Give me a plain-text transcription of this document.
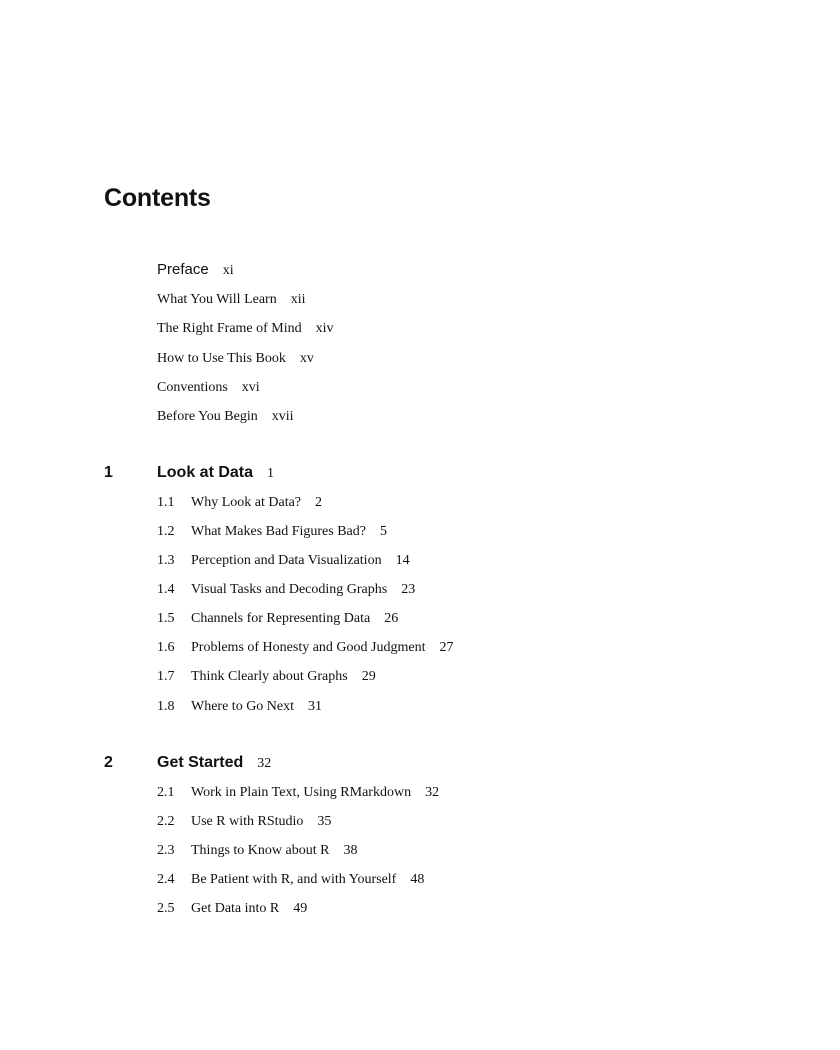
Contents
Preface xi
What You Will Learn xii
The Right Frame of Mind xiv
How to Use This Book xv
Conventions xvi
Before You Begin xvii
1	Look at Data 1
1.1 Why Look at Data? 2
1.2 What Makes Bad Figures Bad? 5
1.3 Perception and Data Visualization 14
1.4 Visual Tasks and Decoding Graphs 23
1.5 Channels for Representing Data 26
1.6 Problems of Honesty and Good Judgment 27
1.7 Think Clearly about Graphs 29
1.8 Where to Go Next 31
2	Get Started 32
2.1 Work in Plain Text, Using RMarkdown 32
2.2 Use R with RStudio 35
2.3 Things to Know about R 38
2.4 Be Patient with R, and with Yourself 48
2.5 Get Data into R 49
